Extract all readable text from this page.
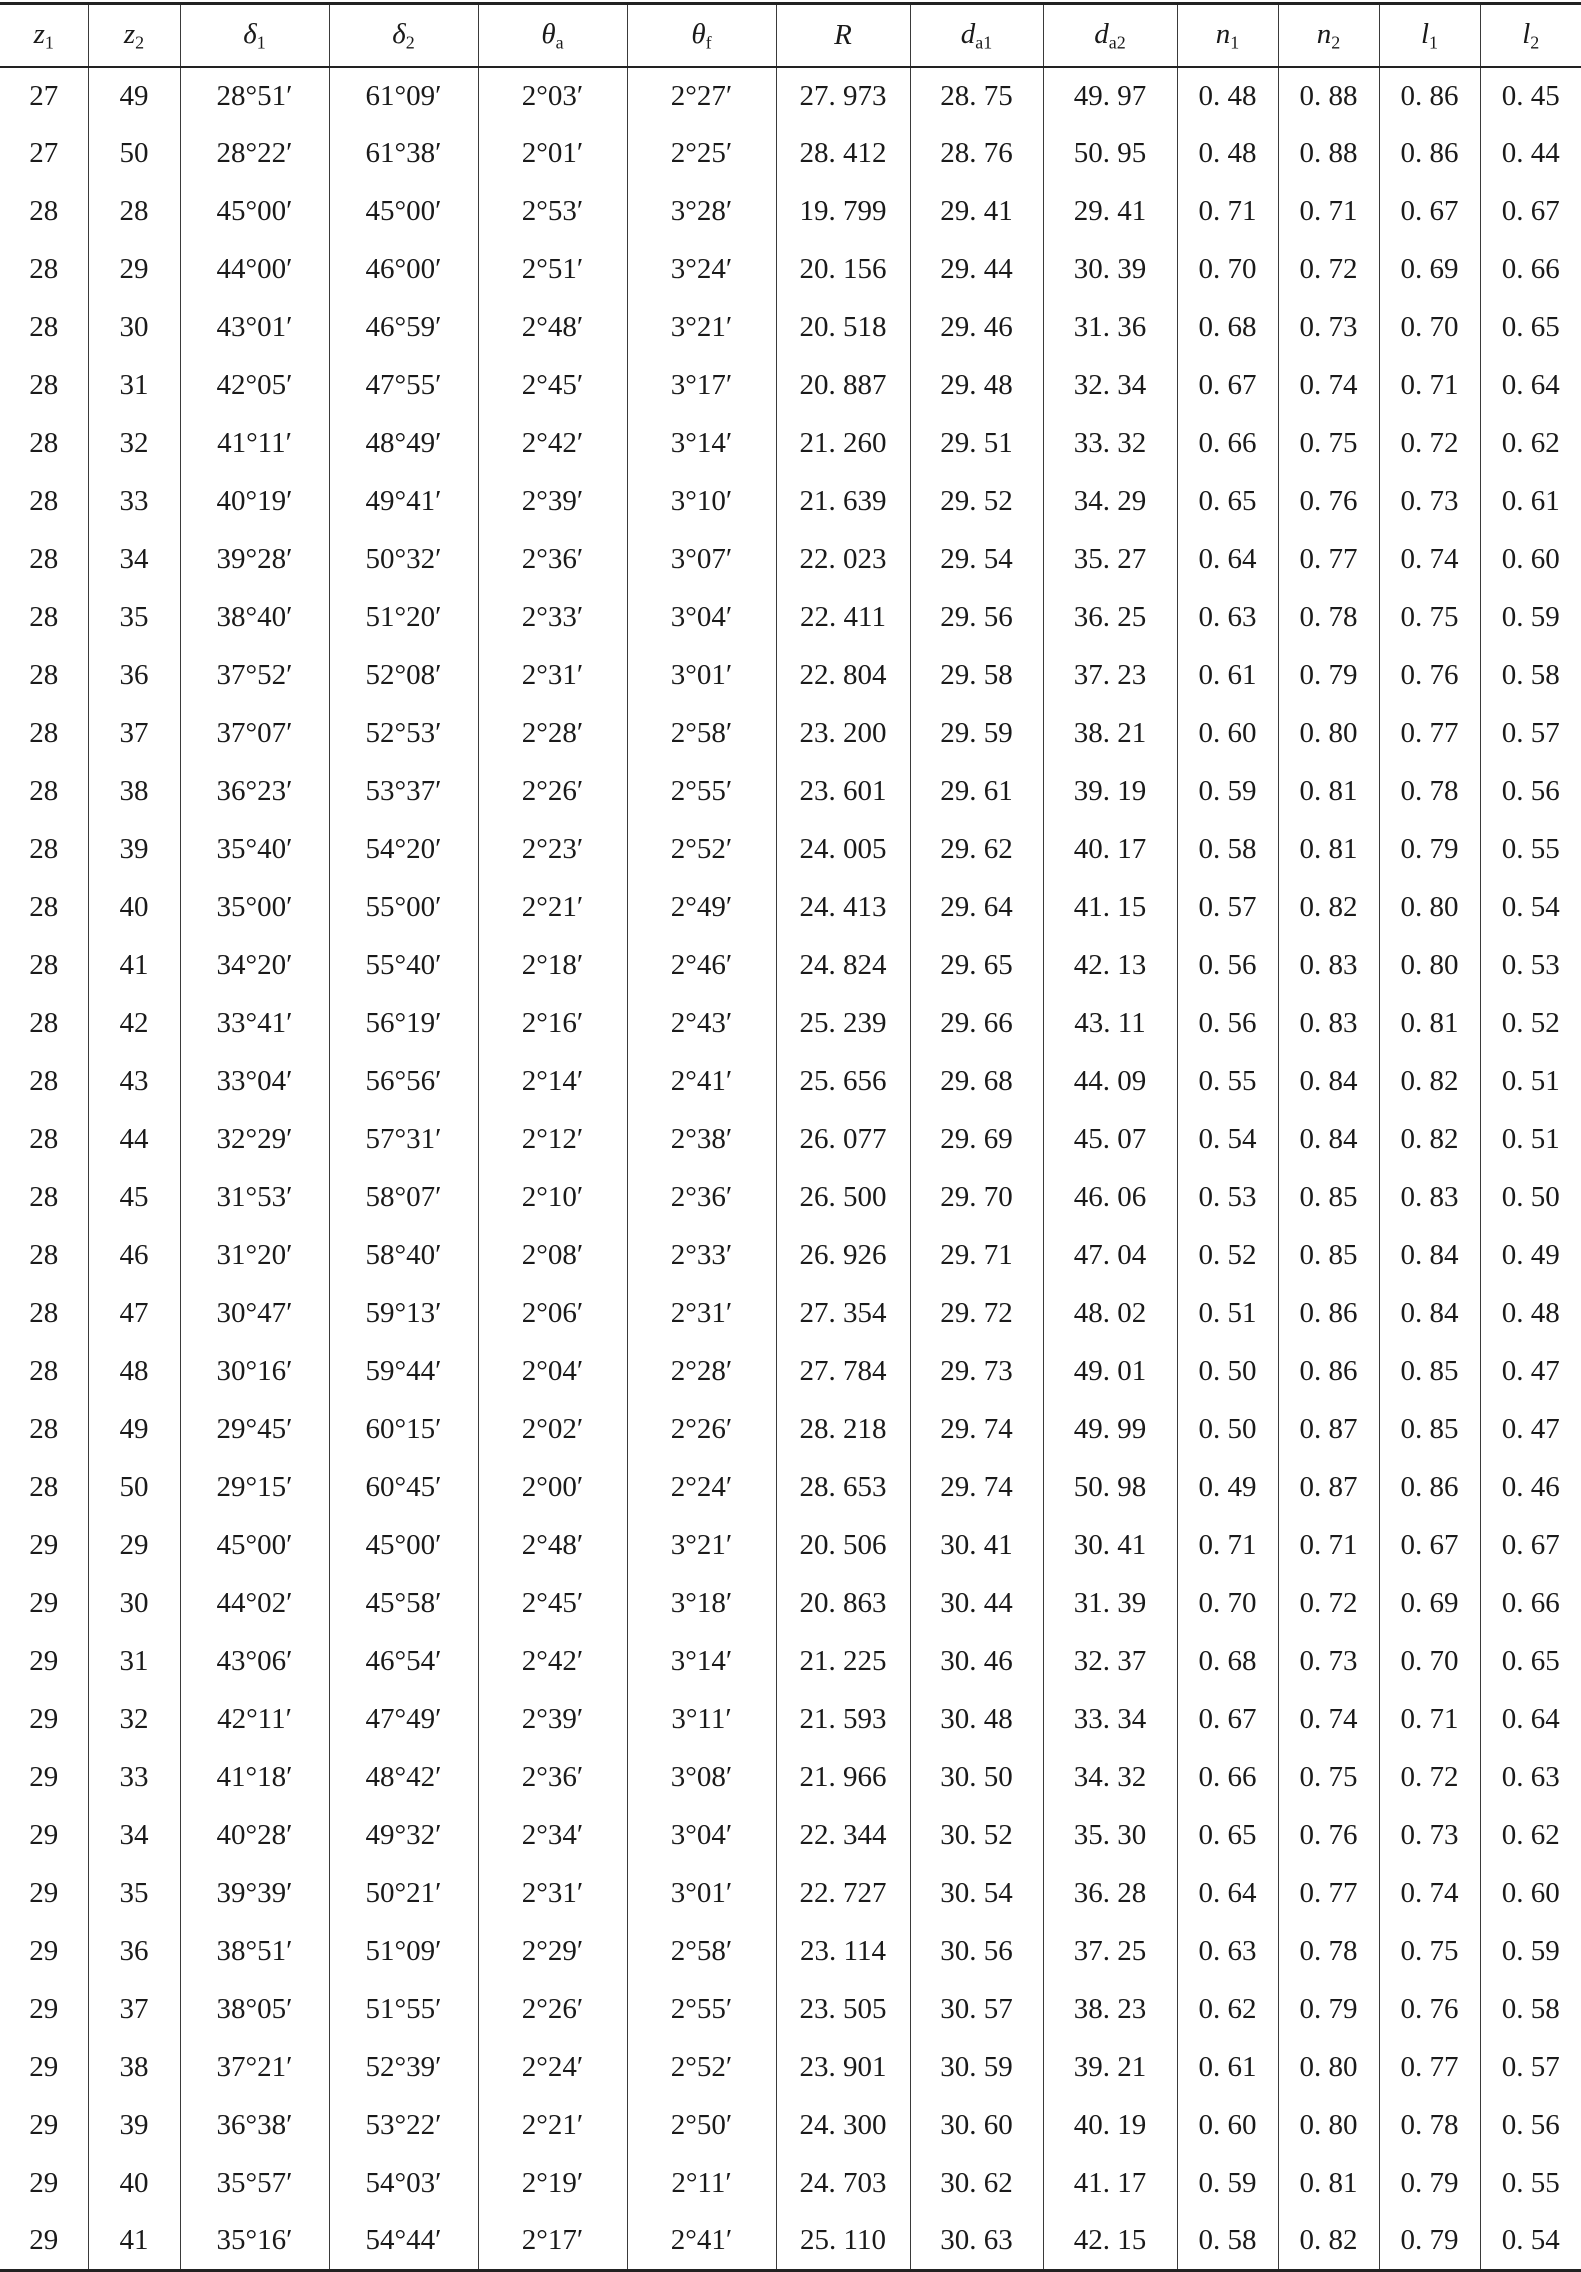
$z_1$	$z_2$	$\delta_1$	$\delta_2$	$\theta_a$	$\theta_f$	R	$d_{a1}$	$d_{a2}$	$n_1$	$n_2$	$l_1$	$l_2$
27	49	28°51′	61°09′	2°03′	2°27′	27. 973	28. 75	49. 97	0. 48	0. 88	0. 86	0. 45
27	50	28°22′	61°38′	2°01′	2°25′	28. 412	28. 76	50. 95	0. 48	0. 88	0. 86	0. 44
28	28	45°00′	45°00′	2°53′	3°28′	19. 799	29. 41	29. 41	0. 71	0. 71	0. 67	0. 67
28	29	44°00′	46°00′	2°51′	3°24′	20. 156	29. 44	30. 39	0. 70	0. 72	0. 69	0. 66
28	30	43°01′	46°59′	2°48′	3°21′	20. 518	29. 46	31. 36	0. 68	0. 73	0. 70	0. 65
28	31	42°05′	47°55′	2°45′	3°17′	20. 887	29. 48	32. 34	0. 67	0. 74	0. 71	0. 64
28	32	41°11′	48°49′	2°42′	3°14′	21. 260	29. 51	33. 32	0. 66	0. 75	0. 72	0. 62
28	33	40°19′	49°41′	2°39′	3°10′	21. 639	29. 52	34. 29	0. 65	0. 76	0. 73	0. 61
28	34	39°28′	50°32′	2°36′	3°07′	22. 023	29. 54	35. 27	0. 64	0. 77	0. 74	0. 60
28	35	38°40′	51°20′	2°33′	3°04′	22. 411	29. 56	36. 25	0. 63	0. 78	0. 75	0. 59
28	36	37°52′	52°08′	2°31′	3°01′	22. 804	29. 58	37. 23	0. 61	0. 79	0. 76	0. 58
28	37	37°07′	52°53′	2°28′	2°58′	23. 200	29. 59	38. 21	0. 60	0. 80	0. 77	0. 57
28	38	36°23′	53°37′	2°26′	2°55′	23. 601	29. 61	39. 19	0. 59	0. 81	0. 78	0. 56
28	39	35°40′	54°20′	2°23′	2°52′	24. 005	29. 62	40. 17	0. 58	0. 81	0. 79	0. 55
28	40	35°00′	55°00′	2°21′	2°49′	24. 413	29. 64	41. 15	0. 57	0. 82	0. 80	0. 54
28	41	34°20′	55°40′	2°18′	2°46′	24. 824	29. 65	42. 13	0. 56	0. 83	0. 80	0. 53
28	42	33°41′	56°19′	2°16′	2°43′	25. 239	29. 66	43. 11	0. 56	0. 83	0. 81	0. 52
28	43	33°04′	56°56′	2°14′	2°41′	25. 656	29. 68	44. 09	0. 55	0. 84	0. 82	0. 51
28	44	32°29′	57°31′	2°12′	2°38′	26. 077	29. 69	45. 07	0. 54	0. 84	0. 82	0. 51
28	45	31°53′	58°07′	2°10′	2°36′	26. 500	29. 70	46. 06	0. 53	0. 85	0. 83	0. 50
28	46	31°20′	58°40′	2°08′	2°33′	26. 926	29. 71	47. 04	0. 52	0. 85	0. 84	0. 49
28	47	30°47′	59°13′	2°06′	2°31′	27. 354	29. 72	48. 02	0. 51	0. 86	0. 84	0. 48
28	48	30°16′	59°44′	2°04′	2°28′	27. 784	29. 73	49. 01	0. 50	0. 86	0. 85	0. 47
28	49	29°45′	60°15′	2°02′	2°26′	28. 218	29. 74	49. 99	0. 50	0. 87	0. 85	0. 47
28	50	29°15′	60°45′	2°00′	2°24′	28. 653	29. 74	50. 98	0. 49	0. 87	0. 86	0. 46
29	29	45°00′	45°00′	2°48′	3°21′	20. 506	30. 41	30. 41	0. 71	0. 71	0. 67	0. 67
29	30	44°02′	45°58′	2°45′	3°18′	20. 863	30. 44	31. 39	0. 70	0. 72	0. 69	0. 66
29	31	43°06′	46°54′	2°42′	3°14′	21. 225	30. 46	32. 37	0. 68	0. 73	0. 70	0. 65
29	32	42°11′	47°49′	2°39′	3°11′	21. 593	30. 48	33. 34	0. 67	0. 74	0. 71	0. 64
29	33	41°18′	48°42′	2°36′	3°08′	21. 966	30. 50	34. 32	0. 66	0. 75	0. 72	0. 63
29	34	40°28′	49°32′	2°34′	3°04′	22. 344	30. 52	35. 30	0. 65	0. 76	0. 73	0. 62
29	35	39°39′	50°21′	2°31′	3°01′	22. 727	30. 54	36. 28	0. 64	0. 77	0. 74	0. 60
29	36	38°51′	51°09′	2°29′	2°58′	23. 114	30. 56	37. 25	0. 63	0. 78	0. 75	0. 59
29	37	38°05′	51°55′	2°26′	2°55′	23. 505	30. 57	38. 23	0. 62	0. 79	0. 76	0. 58
29	38	37°21′	52°39′	2°24′	2°52′	23. 901	30. 59	39. 21	0. 61	0. 80	0. 77	0. 57
29	39	36°38′	53°22′	2°21′	2°50′	24. 300	30. 60	40. 19	0. 60	0. 80	0. 78	0. 56
29	40	35°57′	54°03′	2°19′	2°11′	24. 703	30. 62	41. 17	0. 59	0. 81	0. 79	0. 55
29	41	35°16′	54°44′	2°17′	2°41′	25. 110	30. 63	42. 15	0. 58	0. 82	0. 79	0. 54
